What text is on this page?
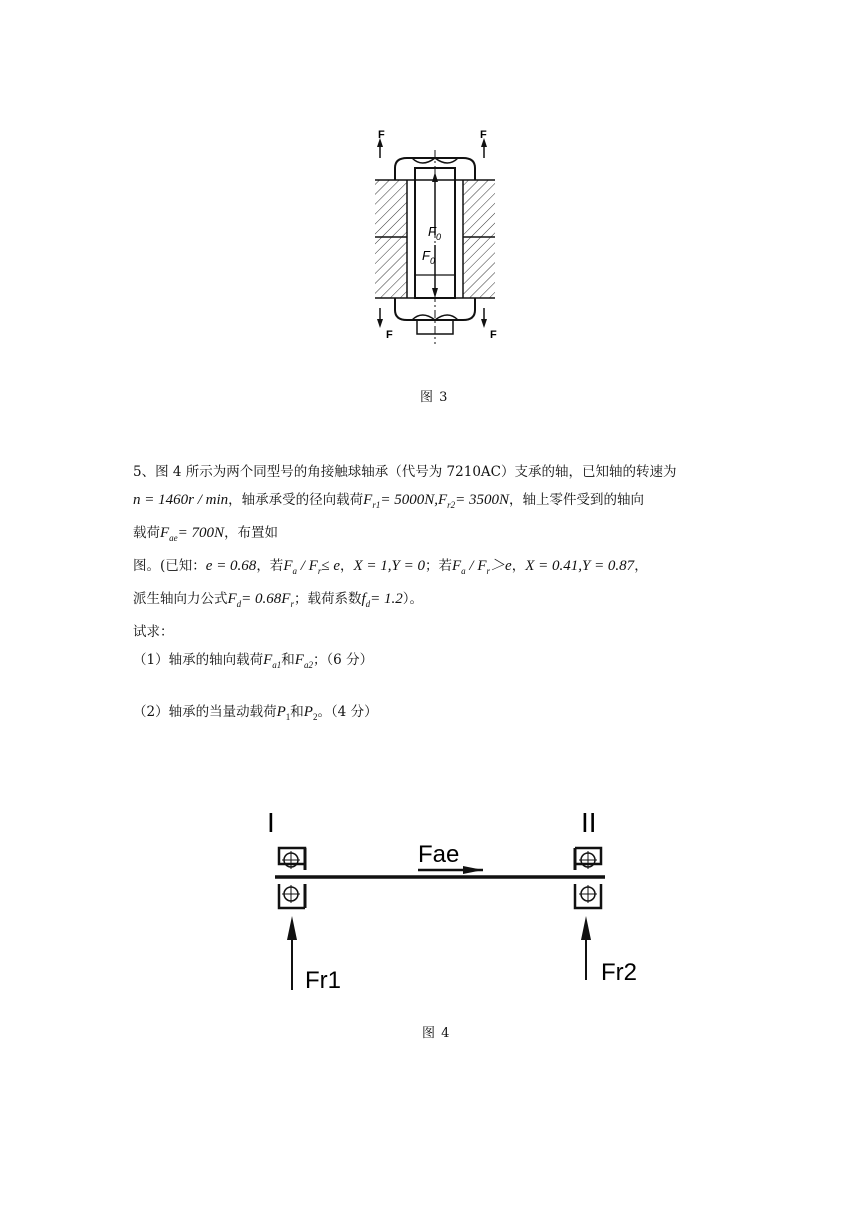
$F_0$
$F_0$
F	F
F	F
图 3
5、图 4 所示为两个同型号的角接触球轴承（代号为 7210AC）支承的轴，已知轴的转速为
n = 1460r / min，轴承承受的径向载荷$F_{r1}= 5000N,F_{r2}= 3500N$，轴上零件受到的轴向
载荷$F_{ae}= 700N$，布置如
图。(已知：e = 0.68，若$F_a / F_r\le e$，X = 1,Y = 0；若$F_a / F_r>e$，X = 0.41,Y = 0.87，
派生轴向力公式$F_d= 0.68F_r$；载荷系数$f_d= 1.2$）。
试求：
（1）轴承的轴向载荷$F_{a1}$和$F_{a2}$；（6 分）
（2）轴承的当量动载荷$P_1$和$P_2$。（4 分）
I	II
Fae
Fr1	Fr2
图 4
